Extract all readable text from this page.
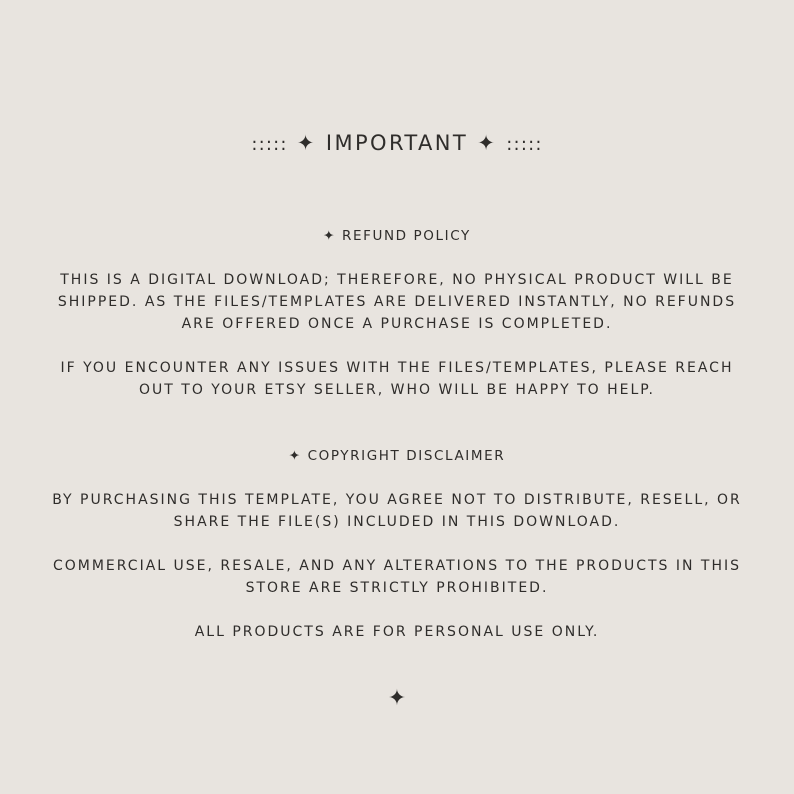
::::: ✦ IMPORTANT ✦ :::::
✦ REFUND POLICY
THIS IS A DIGITAL DOWNLOAD; THEREFORE, NO PHYSICAL PRODUCT WILL BE
SHIPPED. AS THE FILES/TEMPLATES ARE DELIVERED INSTANTLY, NO REFUNDS
ARE OFFERED ONCE A PURCHASE IS COMPLETED.
IF YOU ENCOUNTER ANY ISSUES WITH THE FILES/TEMPLATES, PLEASE REACH
OUT TO YOUR ETSY SELLER, WHO WILL BE HAPPY TO HELP.
✦ COPYRIGHT DISCLAIMER
BY PURCHASING THIS TEMPLATE, YOU AGREE NOT TO DISTRIBUTE, RESELL, OR
SHARE THE FILE(S) INCLUDED IN THIS DOWNLOAD.
COMMERCIAL USE, RESALE, AND ANY ALTERATIONS TO THE PRODUCTS IN THIS
STORE ARE STRICTLY PROHIBITED.
ALL PRODUCTS ARE FOR PERSONAL USE ONLY.
✦
